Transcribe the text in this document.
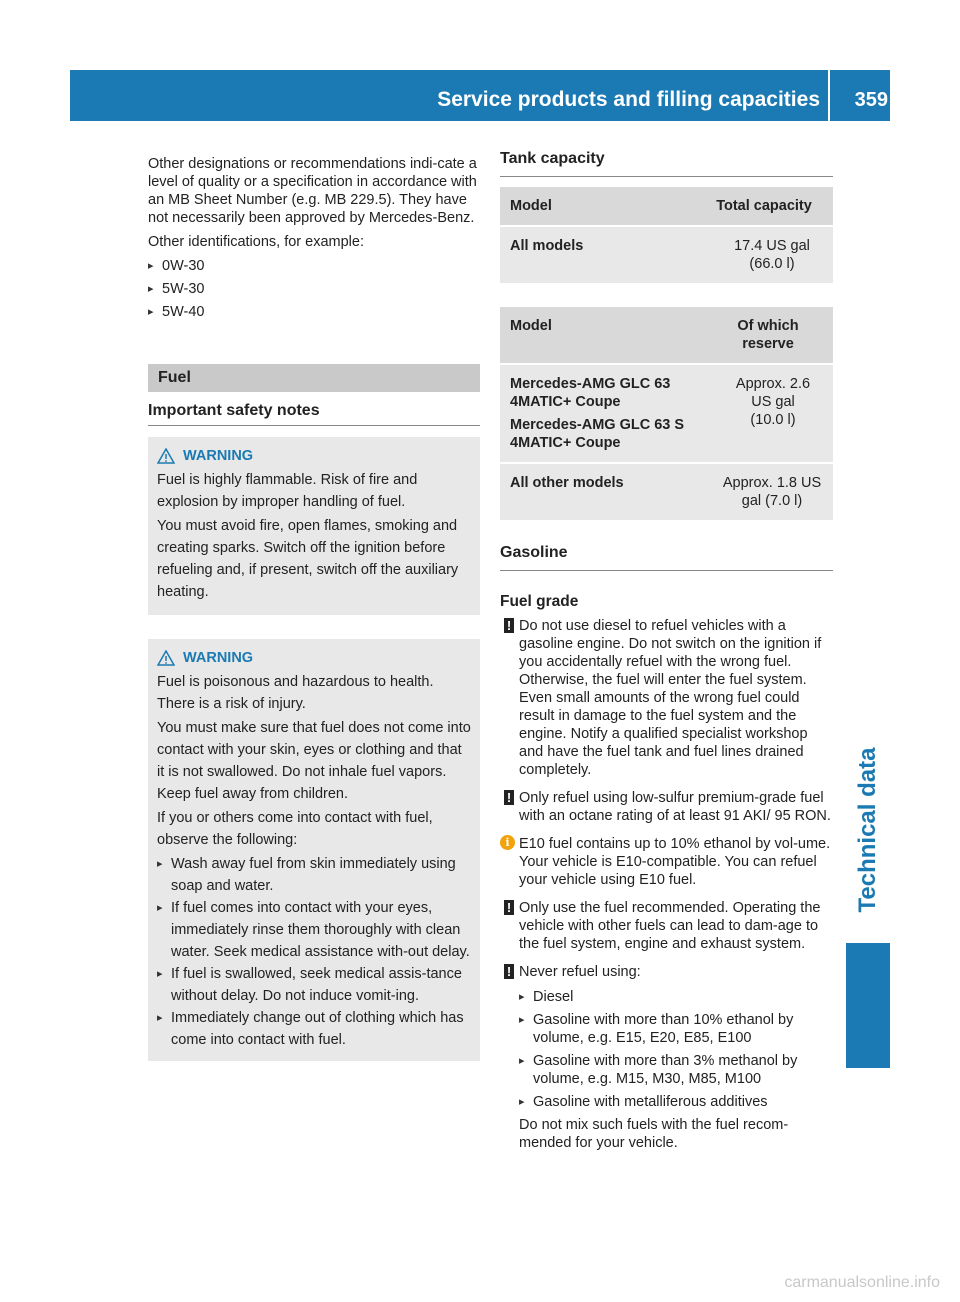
Service products and filling capacities 359
Technical data

Other designations or recommendations indi-cate a level of quality or a specification in accordance with an MB Sheet Number (e.g. MB 229.5). They have not necessarily been approved by Mercedes-Benz.

Other identifications, for example:

▸ 0W-30
▸ 5W-30
▸ 5W-40
Fuel
Important safety notes
WARNING

Fuel is highly flammable. Risk of fire and explosion by improper handling of fuel.

You must avoid fire, open flames, smoking and creating sparks. Switch off the ignition before refueling and, if present, switch off the auxiliary heating.

WARNING

Fuel is poisonous and hazardous to health. There is a risk of injury.

You must make sure that fuel does not come into contact with your skin, eyes or clothing and that it is not swallowed. Do not inhale fuel vapors. Keep fuel away from children.

If you or others come into contact with fuel, observe the following:

▸ Wash away fuel from skin immediately using soap and water.
▸ If fuel comes into contact with your eyes, immediately rinse them thoroughly with clean water. Seek medical assistance with-out delay.
▸ If fuel is swallowed, seek medical assis-tance without delay. Do not induce vomit-ing.
▸ Immediately change out of clothing which has come into contact with fuel.
Tank capacity
Model	Total capacity
All models	17.4 US gal (66.0 l)
Model	Of which reserve

Mercedes-AMG GLC 63 4MATIC+ Coupe
Mercedes-AMG GLC 63 S 4MATIC+ Coupe	Approx. 2.6 US gal (10.0 l)
All other models	Approx. 1.8 US gal (7.0 l)
Gasoline
Fuel grade
! Do not use diesel to refuel vehicles with a gasoline engine. Do not switch on the ignition if you accidentally refuel with the wrong fuel. Otherwise, the fuel will enter the fuel system. Even small amounts of the wrong fuel could result in damage to the fuel system and the engine. Notify a qualified specialist workshop and have the fuel tank and fuel lines drained completely.
! Only refuel using low-sulfur premium-grade fuel with an octane rating of at least 91 AKI/ 95 RON.
i E10 fuel contains up to 10% ethanol by vol-ume. Your vehicle is E10-compatible. You can refuel your vehicle using E10 fuel.
! Only use the fuel recommended. Operating the vehicle with other fuels can lead to dam-age to the fuel system, engine and exhaust system.
! Never refuel using:
▸ Diesel
▸ Gasoline with more than 10% ethanol by volume, e.g. E15, E20, E85, E100
▸ Gasoline with more than 3% methanol by volume, e.g. M15, M30, M85, M100
▸ Gasoline with metalliferous additives

Do not mix such fuels with the fuel recom-mended for your vehicle.

carmanualsonline.info
